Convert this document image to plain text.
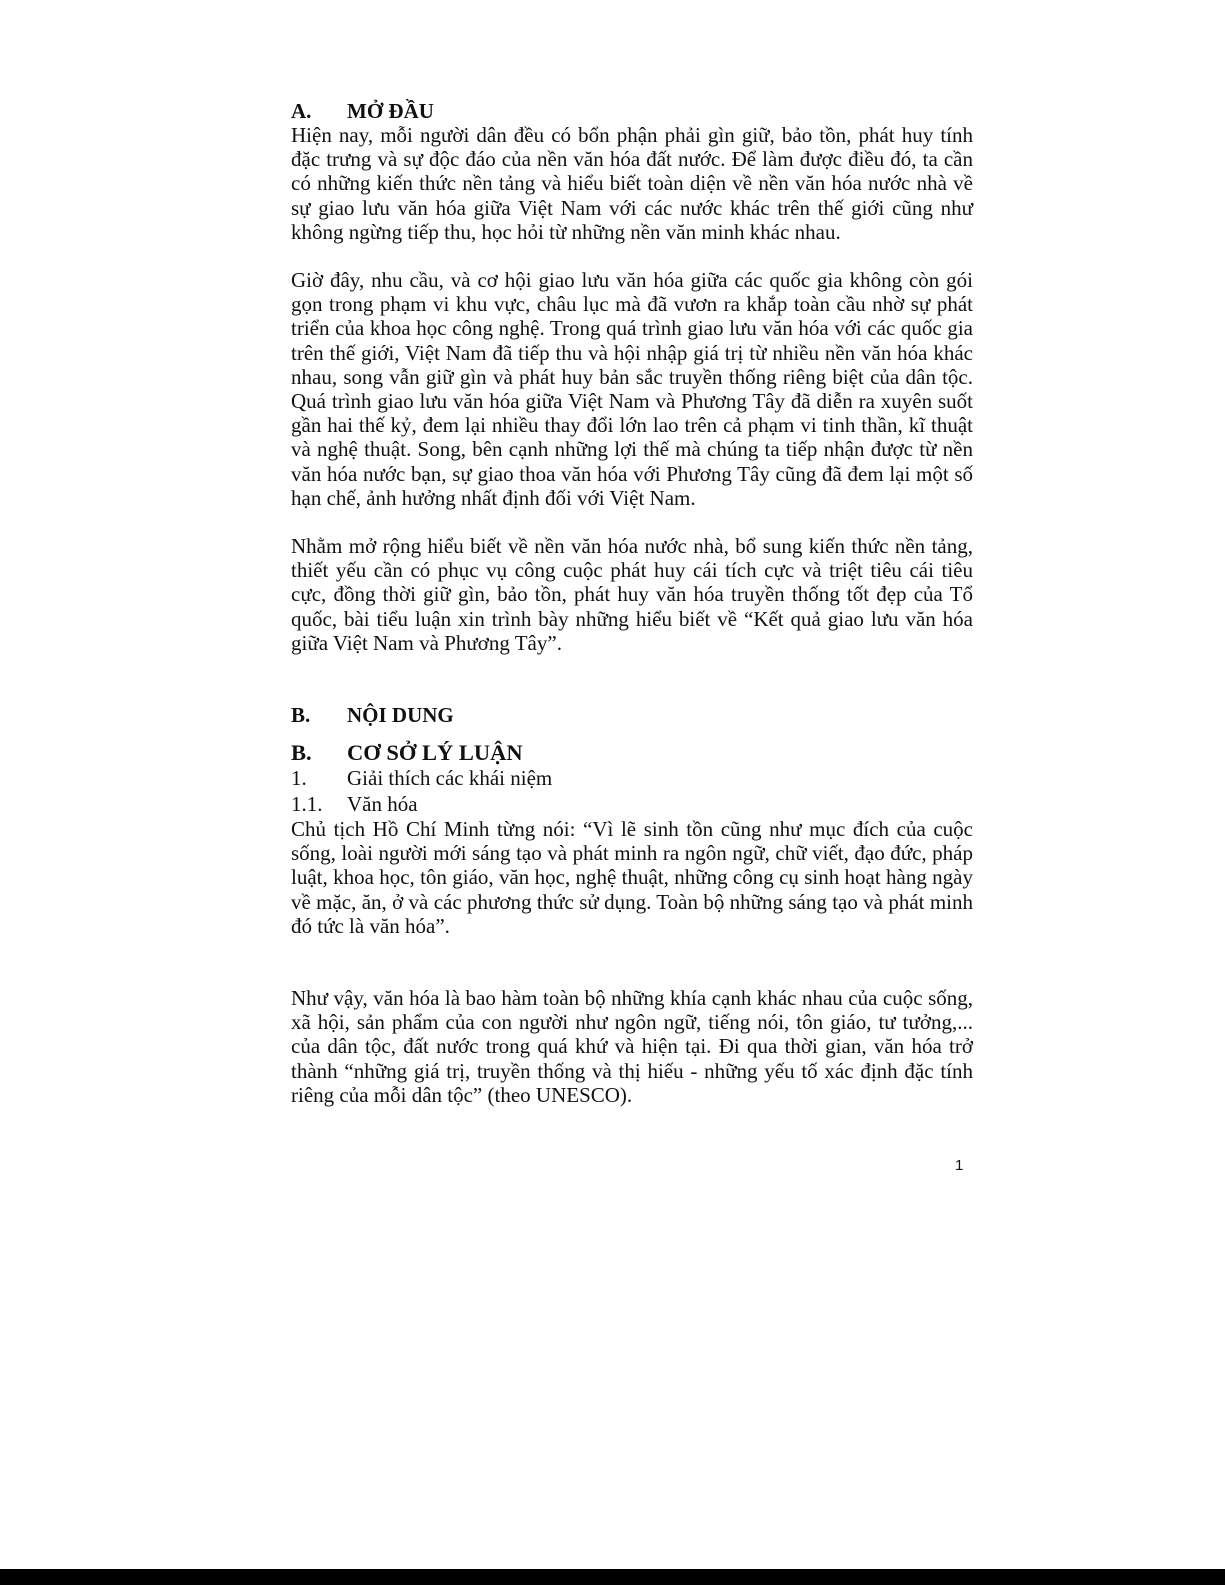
A.	MỞ ĐẦU

Hiện nay, mỗi người dân đều có bổn phận phải gìn giữ, bảo tồn, phát huy tính đặc trưng và sự độc đáo của nền văn hóa đất nước. Để làm được điều đó, ta cần có những kiến thức nền tảng và hiểu biết toàn diện về nền văn hóa nước nhà về sự giao lưu văn hóa giữa Việt Nam với các nước khác trên thế giới cũng như không ngừng tiếp thu, học hỏi từ những nền văn minh khác nhau.

Giờ đây, nhu cầu, và cơ hội giao lưu văn hóa giữa các quốc gia không còn gói gọn trong phạm vi khu vực, châu lục mà đã vươn ra khắp toàn cầu nhờ sự phát triển của khoa học công nghệ. Trong quá trình giao lưu văn hóa với các quốc gia trên thế giới, Việt Nam đã tiếp thu và hội nhập giá trị từ nhiều nền văn hóa khác nhau, song vẫn giữ gìn và phát huy bản sắc truyền thống riêng biệt của dân tộc. Quá trình giao lưu văn hóa giữa Việt Nam và Phương Tây đã diễn ra xuyên suốt gần hai thế kỷ, đem lại nhiều thay đổi lớn lao trên cả phạm vi tinh thần, kĩ thuật và nghệ thuật. Song, bên cạnh những lợi thế mà chúng ta tiếp nhận được từ nền văn hóa nước bạn, sự giao thoa văn hóa với Phương Tây cũng đã đem lại một số hạn chế, ảnh hưởng nhất định đối với Việt Nam.

Nhằm mở rộng hiểu biết về nền văn hóa nước nhà, bổ sung kiến thức nền tảng, thiết yếu cần có phục vụ công cuộc phát huy cái tích cực và triệt tiêu cái tiêu cực, đồng thời giữ gìn, bảo tồn, phát huy văn hóa truyền thống tốt đẹp của Tổ quốc, bài tiểu luận xin trình bày những hiểu biết về “Kết quả giao lưu văn hóa giữa Việt Nam và Phương Tây”.

B.	NỘI DUNG
B.	CƠ SỞ LÝ LUẬN
1.	Giải thích các khái niệm
1.1.	Văn hóa

Chủ tịch Hồ Chí Minh từng nói: “Vì lẽ sinh tồn cũng như mục đích của cuộc sống, loài người mới sáng tạo và phát minh ra ngôn ngữ, chữ viết, đạo đức, pháp luật, khoa học, tôn giáo, văn học, nghệ thuật, những công cụ sinh hoạt hàng ngày về mặc, ăn, ở và các phương thức sử dụng. Toàn bộ những sáng tạo và phát minh đó tức là văn hóa”.

Như vậy, văn hóa là bao hàm toàn bộ những khía cạnh khác nhau của cuộc sống, xã hội, sản phẩm của con người như ngôn ngữ, tiếng nói, tôn giáo, tư tưởng,... của dân tộc, đất nước trong quá khứ và hiện tại. Đi qua thời gian, văn hóa trở thành “những giá trị, truyền thống và thị hiếu - những yếu tố xác định đặc tính riêng của mỗi dân tộc” (theo UNESCO).

1
